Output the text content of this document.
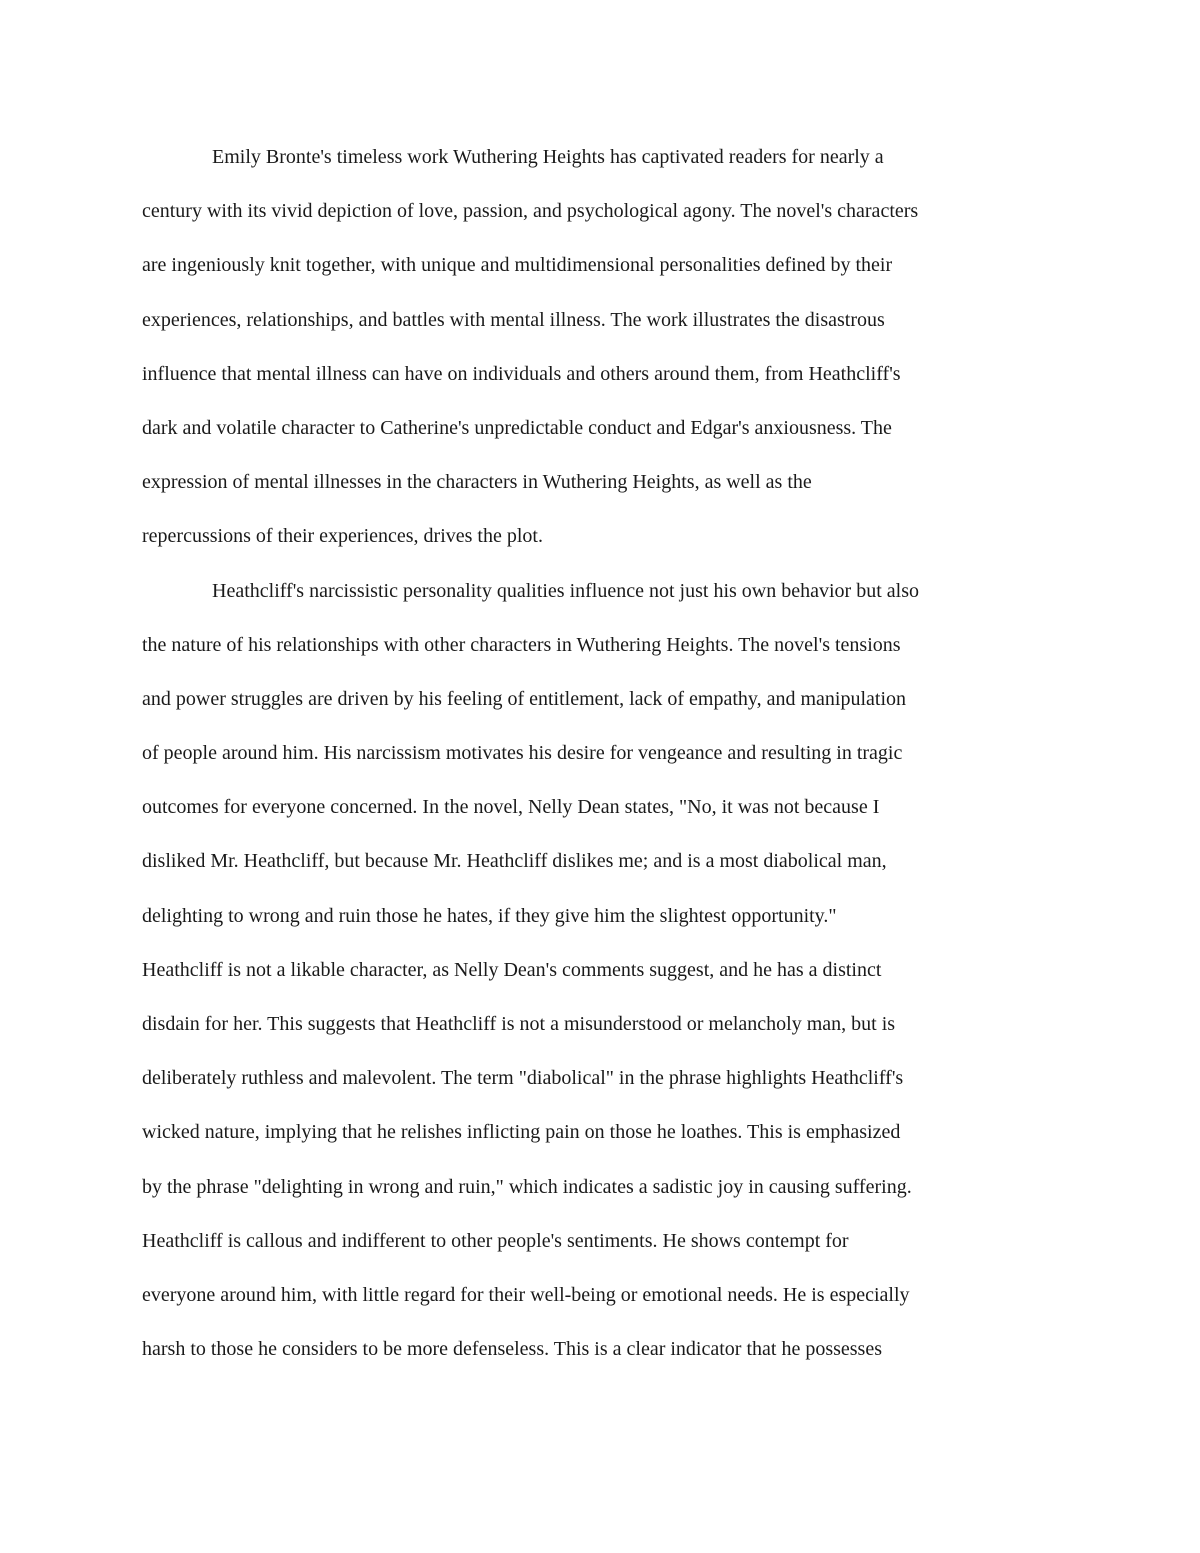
Emily Bronte's timeless work Wuthering Heights has captivated readers for nearly a
century with its vivid depiction of love, passion, and psychological agony. The novel's characters
are ingeniously knit together, with unique and multidimensional personalities defined by their
experiences, relationships, and battles with mental illness. The work illustrates the disastrous
influence that mental illness can have on individuals and others around them, from Heathcliff's
dark and volatile character to Catherine's unpredictable conduct and Edgar's anxiousness. The
expression of mental illnesses in the characters in Wuthering Heights, as well as the
repercussions of their experiences, drives the plot.
Heathcliff's narcissistic personality qualities influence not just his own behavior but also
the nature of his relationships with other characters in Wuthering Heights. The novel's tensions
and power struggles are driven by his feeling of entitlement, lack of empathy, and manipulation
of people around him. His narcissism motivates his desire for vengeance and resulting in tragic
outcomes for everyone concerned. In the novel, Nelly Dean states, "No, it was not because I
disliked Mr. Heathcliff, but because Mr. Heathcliff dislikes me; and is a most diabolical man,
delighting to wrong and ruin those he hates, if they give him the slightest opportunity."
Heathcliff is not a likable character, as Nelly Dean's comments suggest, and he has a distinct
disdain for her. This suggests that Heathcliff is not a misunderstood or melancholy man, but is
deliberately ruthless and malevolent. The term "diabolical" in the phrase highlights Heathcliff's
wicked nature, implying that he relishes inflicting pain on those he loathes. This is emphasized
by the phrase "delighting in wrong and ruin," which indicates a sadistic joy in causing suffering.
Heathcliff is callous and indifferent to other people's sentiments. He shows contempt for
everyone around him, with little regard for their well-being or emotional needs. He is especially
harsh to those he considers to be more defenseless. This is a clear indicator that he possesses
